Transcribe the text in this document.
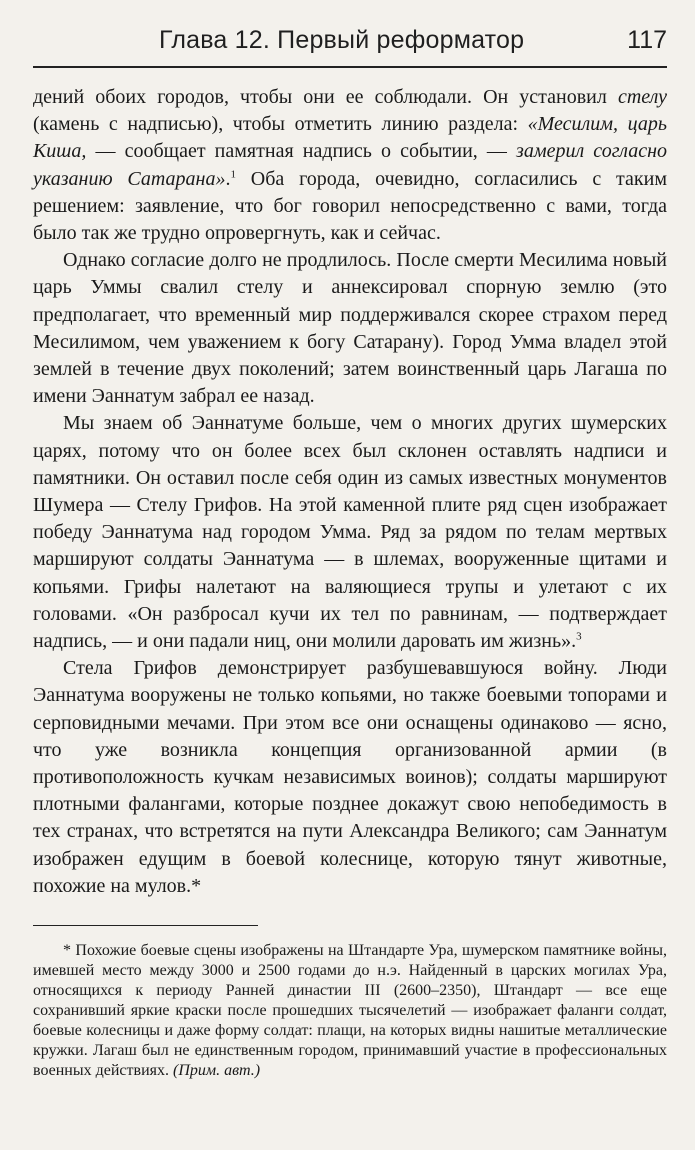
Глава 12. Первый реформатор	117

дений обоих городов, чтобы они ее соблюдали. Он установил стелу (камень с надписью), чтобы отметить линию раздела: «Месилим, царь Киша, — сообщает памятная надпись о событии, — замерил согласно указанию Сатарана».$^1$ Оба города, очевидно, согласились с таким решением: заявление, что бог говорил непосредственно с вами, тогда было так же трудно опровергнуть, как и сейчас.

Однако согласие долго не продлилось. После смерти Месилима новый царь Уммы свалил стелу и аннексировал спорную землю (это предполагает, что временный мир поддерживался скорее страхом перед Месилимом, чем уважением к богу Сатарану). Город Умма владел этой землей в течение двух поколений; затем воинственный царь Лагаша по имени Эаннатум забрал ее назад.

Мы знаем об Эаннатуме больше, чем о многих других шумерских царях, потому что он более всех был склонен оставлять надписи и памятники. Он оставил после себя один из самых известных монументов Шумера — Стелу Грифов. На этой каменной плите ряд сцен изображает победу Эаннатума над городом Умма. Ряд за рядом по телам мертвых маршируют солдаты Эаннатума — в шлемах, вооруженные щитами и копьями. Грифы налетают на валяющиеся трупы и улетают с их головами. «Он разбросал кучи их тел по равнинам, — подтверждает надпись, — и они падали ниц, они молили даровать им жизнь».$^3$

Стела Грифов демонстрирует разбушевавшуюся войну. Люди Эаннатума вооружены не только копьями, но также боевыми топорами и серповидными мечами. При этом все они оснащены одинаково — ясно, что уже возникла концепция организованной армии (в противоположность кучкам независимых воинов); солдаты маршируют плотными фалангами, которые позднее докажут свою непобедимость в тех странах, что встретятся на пути Александра Великого; сам Эаннатум изображен едущим в боевой колеснице, которую тянут животные, похожие на мулов.*

* Похожие боевые сцены изображены на Штандарте Ура, шумерском памятнике войны, имевшей место между 3000 и 2500 годами до н.э. Найденный в царских могилах Ура, относящихся к периоду Ранней династии III (2600–2350), Штандарт — все еще сохранивший яркие краски после прошедших тысячелетий — изображает фаланги солдат, боевые колесницы и даже форму солдат: плащи, на которых видны нашитые металлические кружки. Лагаш был не единственным городом, принимавший участие в профессиональных военных действиях. (Прим. авт.)
